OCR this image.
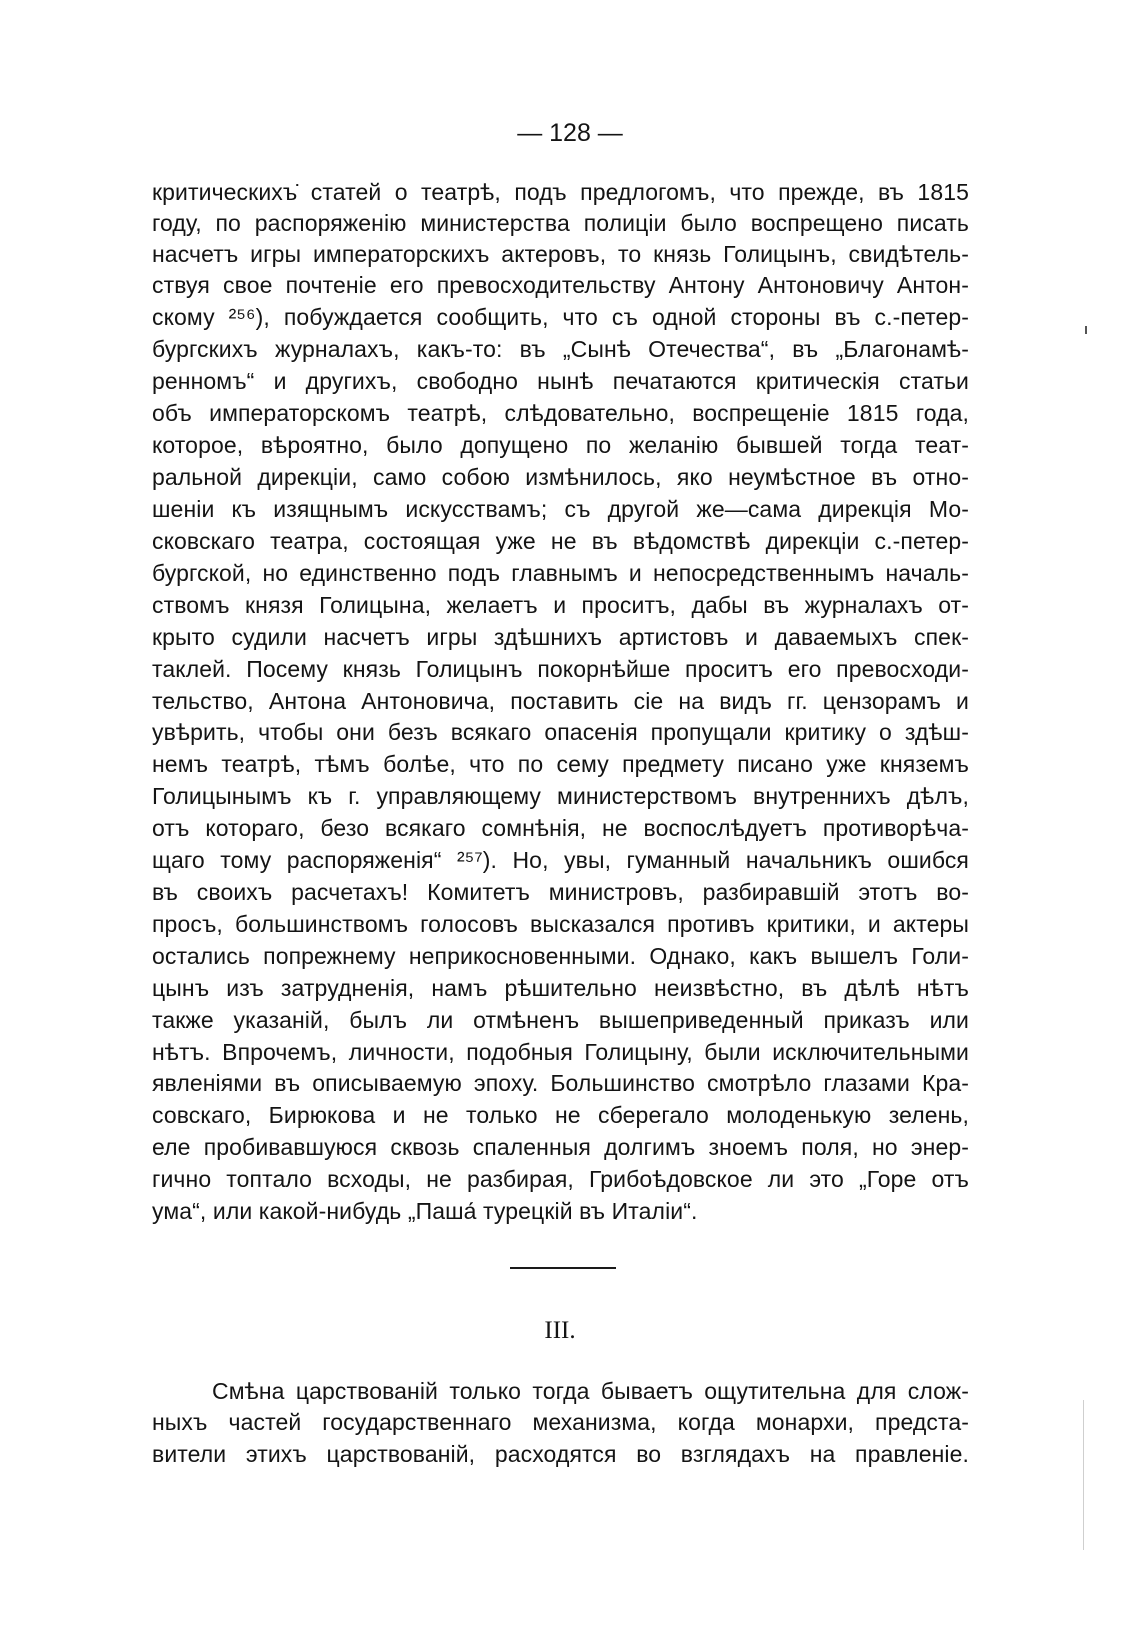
— 128 —
критическихъ̇ статей о театрѣ, подъ предлогомъ, что прежде, въ 1815
году, по распоряженію министерства полиціи было воспрещено писать
насчетъ игры императорскихъ актеровъ, то князь Голицынъ, свидѣтель-
ствуя свое почтеніе его превосходительству Антону Антоновичу Антон-
скому ²⁵⁶), побуждается сообщить, что съ одной стороны въ с.-петер-
бургскихъ журналахъ, какъ-то: въ „Сынѣ Отечества“, въ „Благонамѣ-
ренномъ“ и другихъ, свободно нынѣ печатаются критическія статьи
объ императорскомъ театрѣ, слѣдовательно, воспрещеніе 1815 года,
которое, вѣроятно, было допущено по желанію бывшей тогда теат-
ральной дирекціи, само собою измѣнилось, яко неумѣстное въ отно-
шеніи къ изящнымъ искусствамъ; съ другой же—сама дирекція Мо-
сковскаго театра, состоящая уже не въ вѣдомствѣ дирекціи с.-петер-
бургской, но единственно подъ главнымъ и непосредственнымъ началь-
ствомъ князя Голицына, желаетъ и проситъ, дабы въ журналахъ от-
крыто судили насчетъ игры здѣшнихъ артистовъ и даваемыхъ спек-
таклей. Посему князь Голицынъ покорнѣйше проситъ его превосходи-
тельство, Антона Антоновича, поставить сіе на видъ гг. цензорамъ и
увѣрить, чтобы они безъ всякаго опасенія пропущали критику о здѣш-
немъ театрѣ, тѣмъ болѣе, что по сему предмету писано уже княземъ
Голицынымъ къ г. управляющему министерствомъ внутреннихъ дѣлъ,
отъ котораго, безо всякаго сомнѣнія, не воспослѣдуетъ противорѣча-
щаго тому распоряженія“ ²⁵⁷). Но, увы, гуманный начальникъ ошибся
въ своихъ расчетахъ! Комитетъ министровъ, разбиравшій этотъ во-
просъ, большинствомъ голосовъ высказался противъ критики, и актеры
остались попрежнему неприкосновенными. Однако, какъ вышелъ Голи-
цынъ изъ затрудненія, намъ рѣшительно неизвѣстно, въ дѣлѣ нѣтъ
также указаній, былъ ли отмѣненъ вышеприведенный приказъ или
нѣтъ. Впрочемъ, личности, подобныя Голицыну, были исключительными
явленіями въ описываемую эпоху. Большинство смотрѣло глазами Кра-
совскаго, Бирюкова и не только не сберегало молоденькую зелень,
еле пробивавшуюся сквозь спаленныя долгимъ зноемъ поля, но энер-
гично топтало всходы, не разбирая, Грибоѣдовское ли это „Горе отъ
ума“, или какой-нибудь „Паша́ турецкій въ Италіи“.
III.
Смѣна царствованій только тогда бываетъ ощутительна для слож-
ныхъ частей государственнаго механизма, когда монархи, предста-
вители этихъ царствованій, расходятся во взглядахъ на правленіе.
